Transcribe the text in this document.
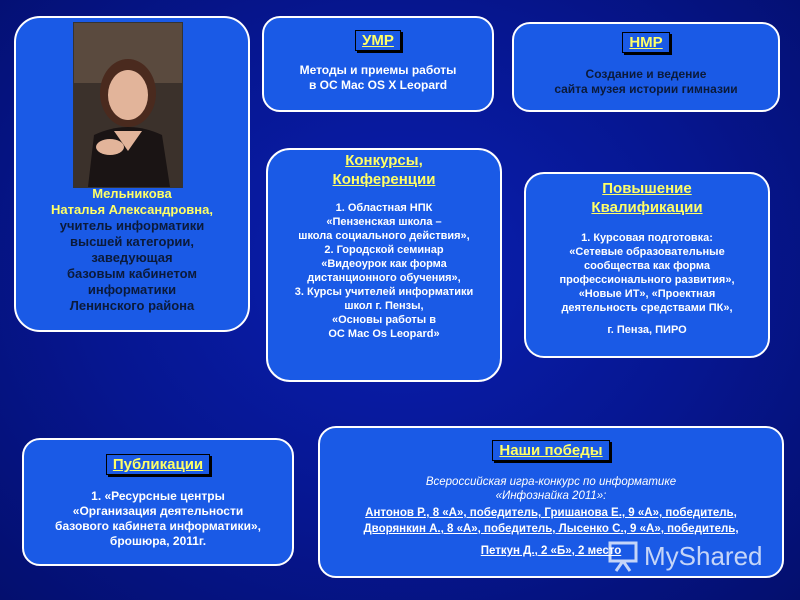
Мельникова
Наталья Александровна,
учитель информатики
высшей категории,
заведующая
базовым кабинетом
информатики
Ленинского района
УМР
Методы и приемы работы
в ОС Mac OS X Leopard
НМР
Создание и ведение
сайта музея истории гимназии
Конкурсы,
Конференции
1. Областная НПК
«Пензенская школа –
школа социального действия»,
2. Городской семинар
«Видеоурок как форма
дистанционного обучения»,
3. Курсы учителей информатики
школ г. Пензы,
«Основы работы в
ОС Mac Os Leopard»
Повышение
Квалификации
1. Курсовая подготовка:
«Сетевые образовательные
сообщества как форма
профессионального развития»,
«Новые ИТ», «Проектная
деятельность средствами ПК»,
г. Пенза, ПИРО
Публикации
1. «Ресурсные центры
«Организация деятельности
базового кабинета информатики»,
брошюра, 2011г.
Наши победы
Всероссийская игра-конкурс по информатике
«Инфознайка 2011»:
Антонов Р., 8 «А», победитель, Гришанова Е., 9 «А», победитель,
Дворянкин А., 8 «А», победитель, Лысенко С., 9 «А», победитель,
Петкун Д., 2 «Б», 2 место MyShared
